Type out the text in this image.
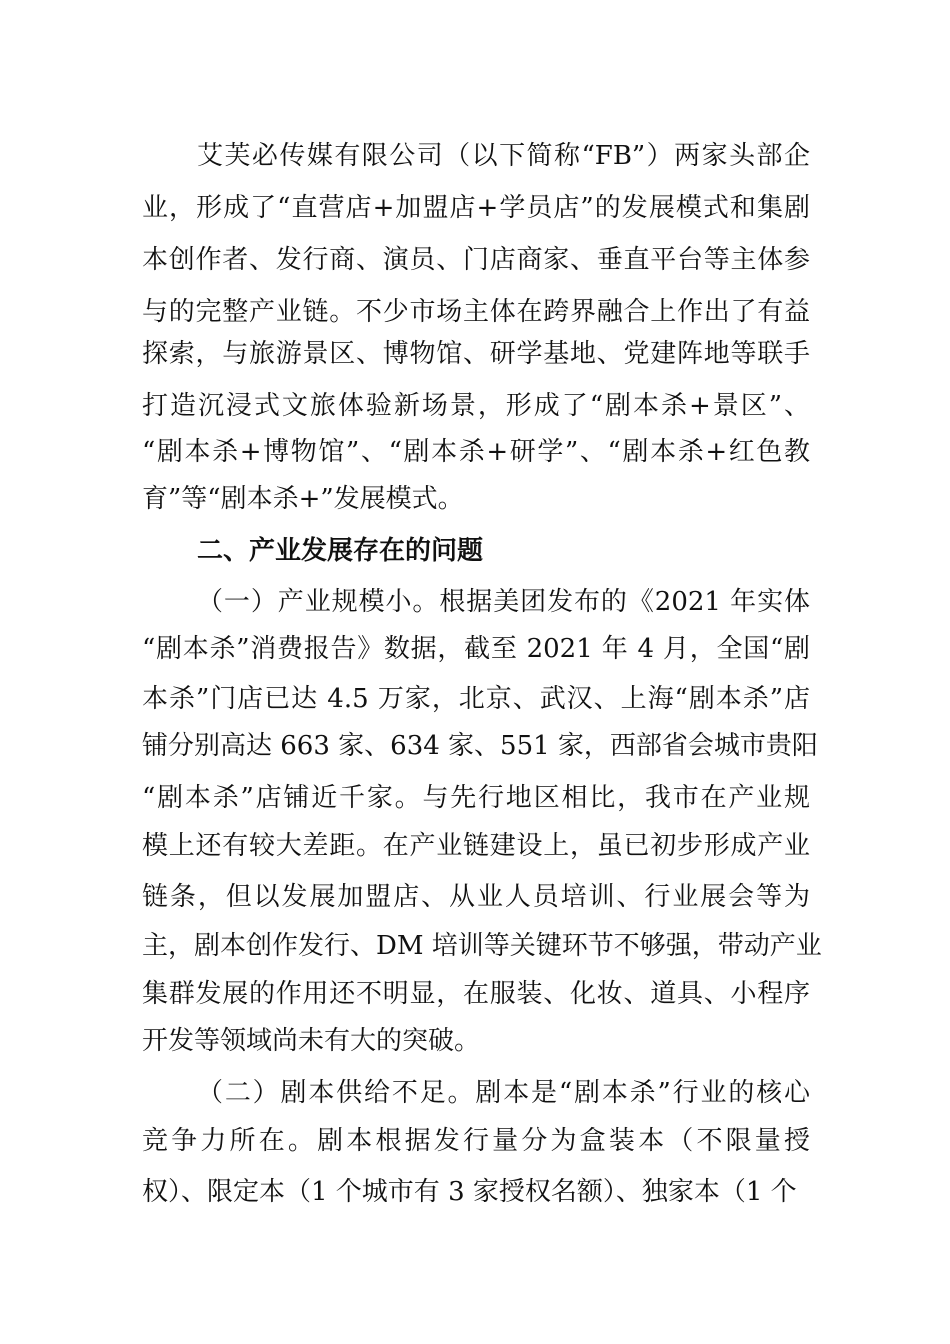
艾芙必传媒有限公司（以下简称“FB”）两家头部企
业，形成了“直营店+加盟店+学员店”的发展模式和集剧
本创作者、发行商、演员、门店商家、垂直平台等主体参
与的完整产业链。不少市场主体在跨界融合上作出了有益
探索，与旅游景区、博物馆、研学基地、党建阵地等联手
打造沉浸式文旅体验新场景，形成了“剧本杀+景区”、
“剧本杀+博物馆”、“剧本杀+研学”、“剧本杀+红色教
育”等“剧本杀+”发展模式。
二、产业发展存在的问题
（一）产业规模小。根据美团发布的《2021 年实体
“剧本杀”消费报告》数据，截至 2021 年 4 月，全国“剧
本杀”门店已达 4.5 万家，北京、武汉、上海“剧本杀”店
铺分别高达 663 家、634 家、551 家，西部省会城市贵阳
“剧本杀”店铺近千家。与先行地区相比，我市在产业规
模上还有较大差距。在产业链建设上，虽已初步形成产业
链条，但以发展加盟店、从业人员培训、行业展会等为
主，剧本创作发行、DM 培训等关键环节不够强，带动产业
集群发展的作用还不明显，在服装、化妆、道具、小程序
开发等领域尚未有大的突破。
（二）剧本供给不足。剧本是“剧本杀”行业的核心
竞争力所在。剧本根据发行量分为盒装本（不限量授
权）、限定本（1 个城市有 3 家授权名额）、独家本（1 个
